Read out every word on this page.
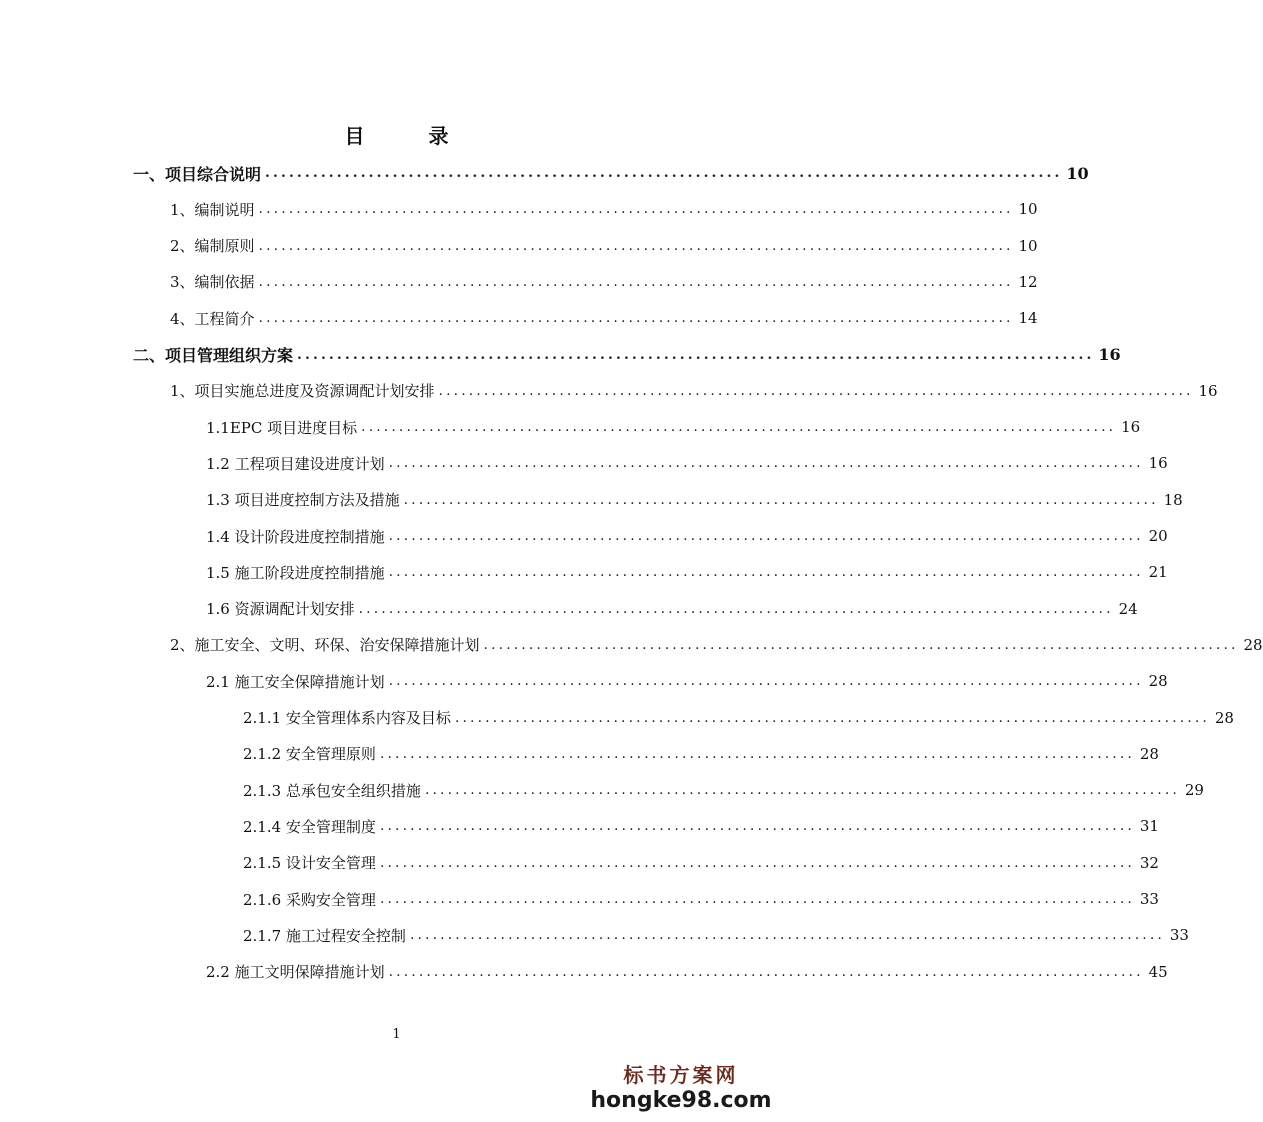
目　录
一、项目综合说明 .................................................................................................... 10
1、编制说明 .................................................................................................... 10
2、编制原则 .................................................................................................... 10
3、编制依据 .................................................................................................... 12
4、工程简介 .................................................................................................... 14
二、项目管理组织方案 .................................................................................................... 16
1、项目实施总进度及资源调配计划安排 .................................................................................................... 16
1.1EPC 项目进度目标 .................................................................................................... 16
1.2 工程项目建设进度计划 .................................................................................................... 16
1.3 项目进度控制方法及措施 .................................................................................................... 18
1.4 设计阶段进度控制措施 .................................................................................................... 20
1.5 施工阶段进度控制措施 .................................................................................................... 21
1.6 资源调配计划安排 .................................................................................................... 24
2、施工安全、文明、环保、治安保障措施计划 .................................................................................................... 28
2.1 施工安全保障措施计划 .................................................................................................... 28
2.1.1 安全管理体系内容及目标 .................................................................................................... 28
2.1.2 安全管理原则 .................................................................................................... 28
2.1.3 总承包安全组织措施 .................................................................................................... 29
2.1.4 安全管理制度 .................................................................................................... 31
2.1.5 设计安全管理 .................................................................................................... 32
2.1.6 采购安全管理 .................................................................................................... 33
2.1.7 施工过程安全控制 .................................................................................................... 33
2.2 施工文明保障措施计划 .................................................................................................... 45
1
标书方案网
hongke98.com
